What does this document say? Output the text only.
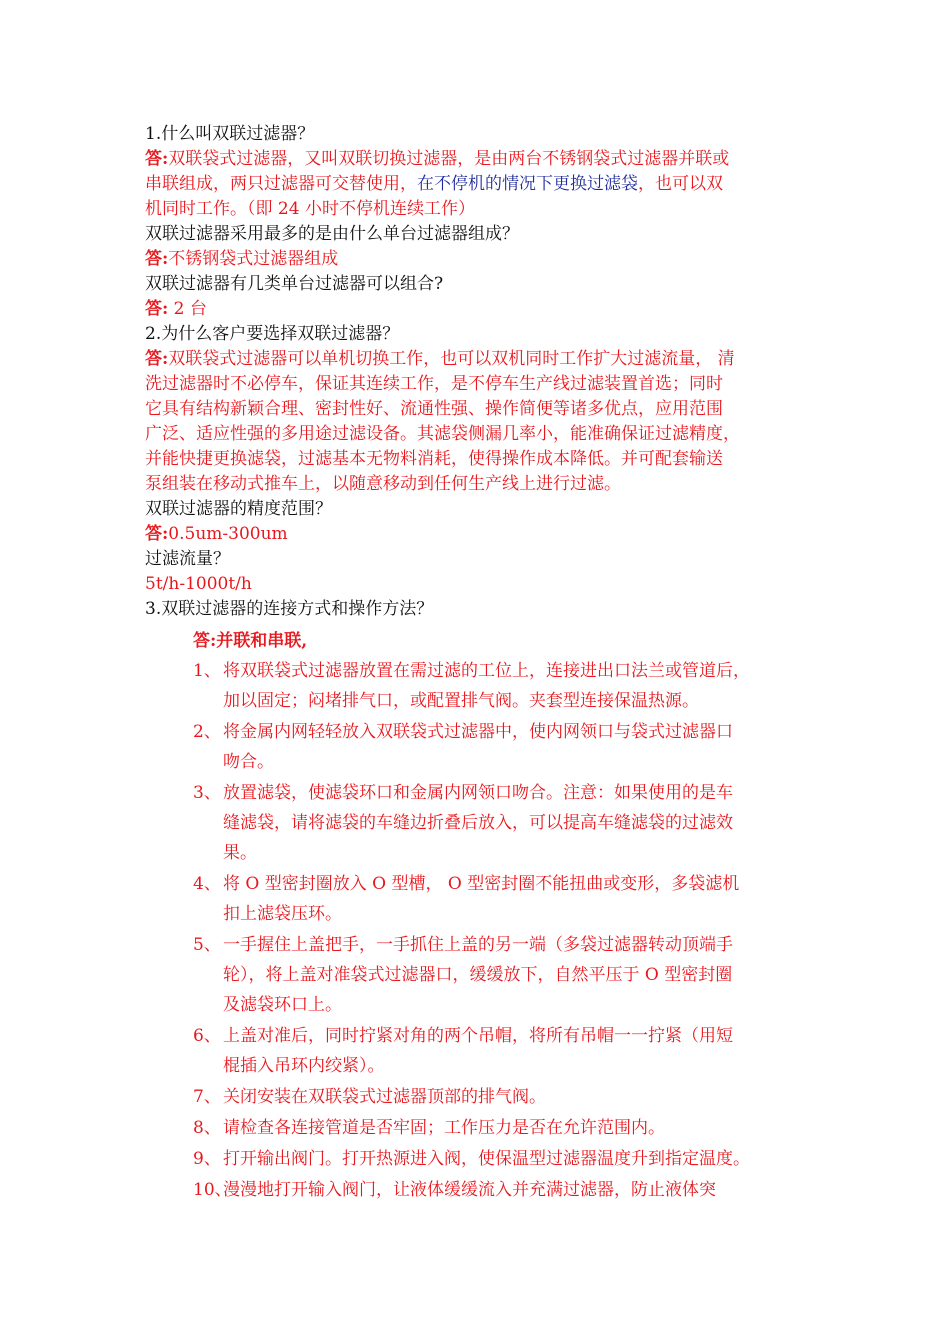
1.什么叫双联过滤器？
答:双联袋式过滤器，又叫双联切换过滤器，是由两台不锈钢袋式过滤器并联或
串联组成，两只过滤器可交替使用，在不停机的情况下更换过滤袋，也可以双
机同时工作。（即 24 小时不停机连续工作）
双联过滤器采用最多的是由什么单台过滤器组成？
答:不锈钢袋式过滤器组成
双联过滤器有几类单台过滤器可以组合?
答: 2 台
2.为什么客户要选择双联过滤器？
答:双联袋式过滤器可以单机切换工作，也可以双机同时工作扩大过滤流量， 清
洗过滤器时不必停车，保证其连续工作，是不停车生产线过滤装置首选；同时
它具有结构新颖合理、密封性好、流通性强、操作简便等诸多优点，应用范围
广泛、适应性强的多用途过滤设备。其滤袋侧漏几率小，能准确保证过滤精度，
并能快捷更换滤袋，过滤基本无物料消耗，使得操作成本降低。并可配套输送
泵组装在移动式推车上，以随意移动到任何生产线上进行过滤。
双联过滤器的精度范围？
答:0.5um-300um
过滤流量？
5t/h-1000t/h
3.双联过滤器的连接方式和操作方法？
答:并联和串联,
1、 将双联袋式过滤器放置在需过滤的工位上，连接进出口法兰或管道后，
加以固定；闷堵排气口，或配置排气阀。夹套型连接保温热源。
2、 将金属内网轻轻放入双联袋式过滤器中，使内网领口与袋式过滤器口
吻合。
3、 放置滤袋，使滤袋环口和金属内网领口吻合。注意：如果使用的是车
缝滤袋，请将滤袋的车缝边折叠后放入，可以提高车缝滤袋的过滤效
果。
4、 将 O 型密封圈放入 O 型槽， O 型密封圈不能扭曲或变形，多袋滤机
扣上滤袋压环。
5、 一手握住上盖把手，一手抓住上盖的另一端（多袋过滤器转动顶端手
轮），将上盖对准袋式过滤器口，缓缓放下，自然平压于 O 型密封圈
及滤袋环口上。
6、 上盖对准后，同时拧紧对角的两个吊帽，将所有吊帽一一拧紧（用短
棍插入吊环内绞紧）。
7、 关闭安装在双联袋式过滤器顶部的排气阀。
8、 请检查各连接管道是否牢固；工作压力是否在允许范围内。
9、 打开输出阀门。打开热源进入阀，使保温型过滤器温度升到指定温度。
10、
漫漫地打开输入阀门，让液体缓缓流入并充满过滤器，防止液体突
